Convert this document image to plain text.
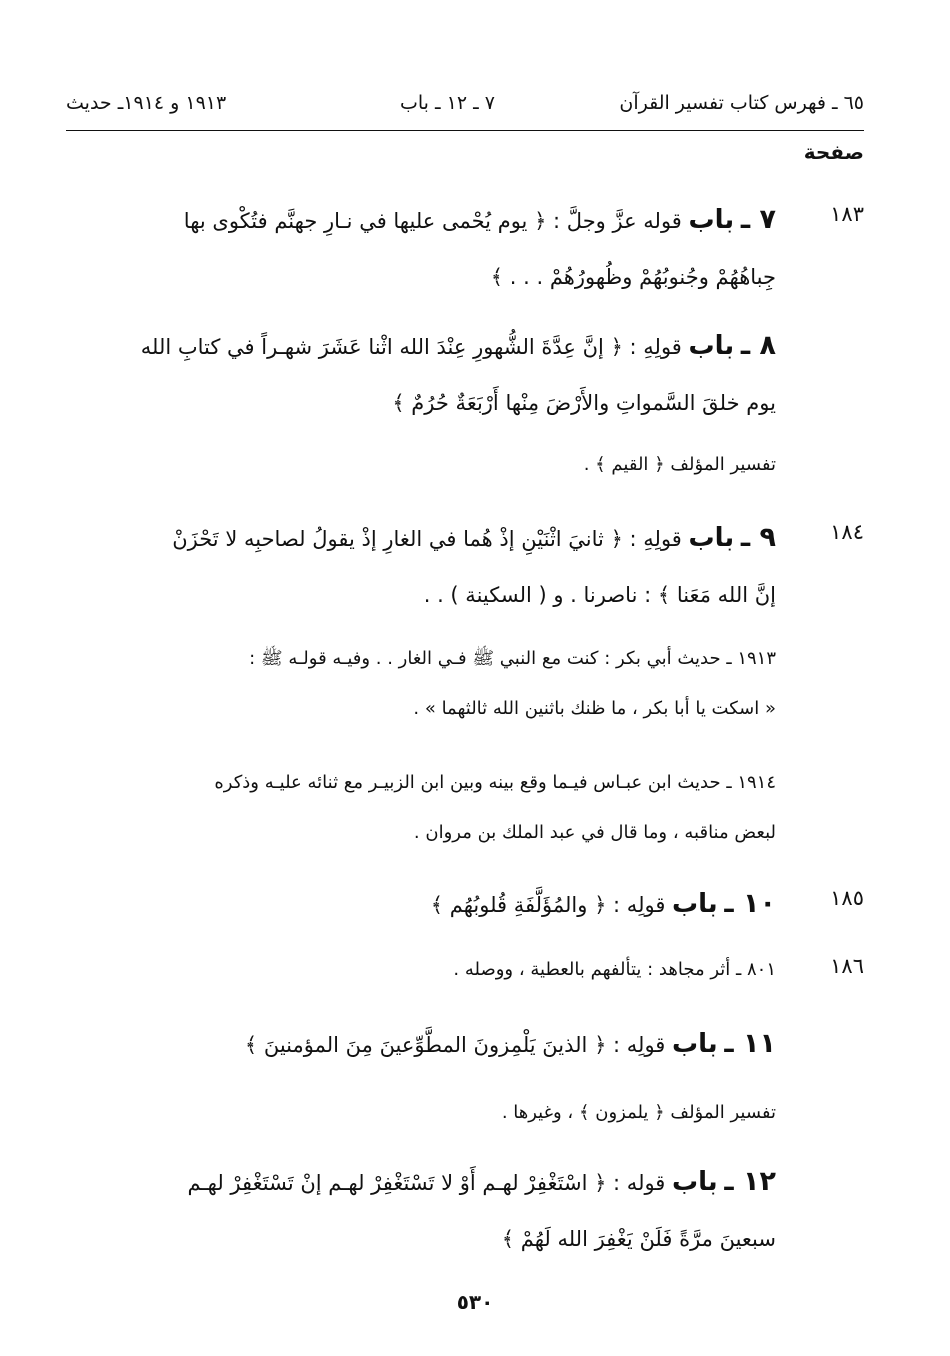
٦٥ ـ فهرس كتاب تفسير القرآن
٧ ـ ١٢ ـ باب
١٩١٣ و ١٩١٤ـ حديث
صفحة
١٨٣
٧ ـ باب قوله عزَّ وجلَّ : ﴿ يوم يُحْمى عليها في نـارِ جهنَّم فتُكْوى بها
جِباهُهُمْ وجُنوبُهُمْ وظُهورُهُمْ . . . ﴾
٨ ـ باب قولِهِ : ﴿ إنَّ عِدَّةَ الشُّهورِ عِنْدَ الله اثْنا عَشَرَ شهـراً في كتابِ الله
يوم خلقَ السَّمواتِ والأَرْضَ مِنْها أَرْبَعَةٌ حُرُمٌ ﴾
تفسير المؤلف ﴿ القيم ﴾ .
١٨٤
٩ ـ باب قولِهِ : ﴿ ثانيَ اثْنَيْنِ إذْ هُما في الغارِ إذْ يقولُ لصاحبِه لا تَحْزَنْ
إنَّ الله مَعَنا ﴾ : ناصرنا . و ( السكينة ) . .
١٩١٣ ـ حديث أبي بكر : كنت مع النبي ﷺ فـي الغار . . وفيـه قولـه ﷺ :
« اسكت يا أبا بكر ، ما ظنك باثنين الله ثالثهما » .
١٩١٤ ـ حديث ابن عبـاس فيـما وقع بينه وبين ابن الزبيـر مع ثنائه عليـه وذكره
لبعض مناقبه ، وما قال في عبد الملك بن مروان .
١٨٥
١٠ ـ باب قولِه : ﴿ والمُؤَلَّفَةِ قُلوبُهُم ﴾
١٨٦
٨٠١ ـ أثر مجاهد : يتألفهم بالعطية ، ووصله .
١١ ـ باب قولِه : ﴿ الذينَ يَلْمِزونَ المطَّوِّعينَ مِنَ المؤمنينَ ﴾
تفسير المؤلف ﴿ يلمزون ﴾ ، وغيرها .
١٢ ـ باب قوله : ﴿ اسْتَغْفِرْ لهـم أَوْ لا تَسْتَغْفِرْ لهـم إنْ تَسْتَغْفِرْ لهـم
سبعينَ مرَّةً فَلَنْ يَغْفِرَ الله لَهُمْ ﴾
٥٣٠
